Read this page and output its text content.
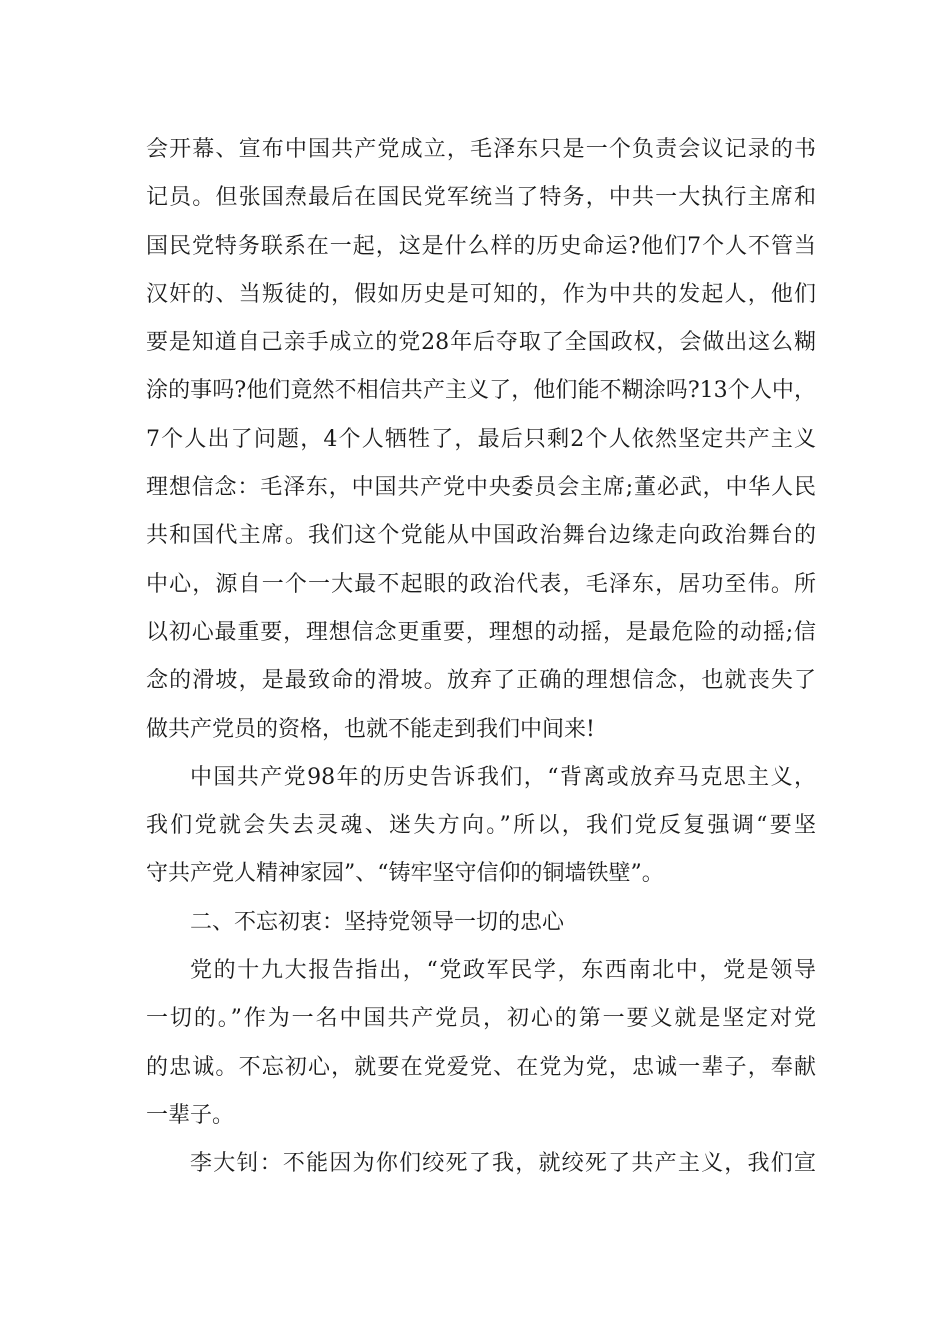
会开幕、宣布中国共产党成立，毛泽东只是一个负责会议记录的书
记员。但张国焘最后在国民党军统当了特务，中共一大执行主席和
国民党特务联系在一起，这是什么样的历史命运?他们7个人不管当
汉奸的、当叛徒的，假如历史是可知的，作为中共的发起人，他们
要是知道自己亲手成立的党28年后夺取了全国政权，会做出这么糊
涂的事吗?他们竟然不相信共产主义了，他们能不糊涂吗?13个人中，
7个人出了问题，4个人牺牲了，最后只剩2个人依然坚定共产主义
理想信念：毛泽东，中国共产党中央委员会主席;董必武，中华人民
共和国代主席。我们这个党能从中国政治舞台边缘走向政治舞台的
中心，源自一个一大最不起眼的政治代表，毛泽东，居功至伟。所
以初心最重要，理想信念更重要，理想的动摇，是最危险的动摇;信
念的滑坡，是最致命的滑坡。放弃了正确的理想信念，也就丧失了
做共产党员的资格，也就不能走到我们中间来!
中国共产党98年的历史告诉我们，“背离或放弃马克思主义，
我们党就会失去灵魂、迷失方向。”所以，我们党反复强调“要坚
守共产党人精神家园”、“铸牢坚守信仰的铜墙铁壁”。
二、不忘初衷：坚持党领导一切的忠心
党的十九大报告指出，“党政军民学，东西南北中，党是领导
一切的。”作为一名中国共产党员，初心的第一要义就是坚定对党
的忠诚。不忘初心，就要在党爱党、在党为党，忠诚一辈子，奉献
一辈子。
李大钊：不能因为你们绞死了我，就绞死了共产主义，我们宣
